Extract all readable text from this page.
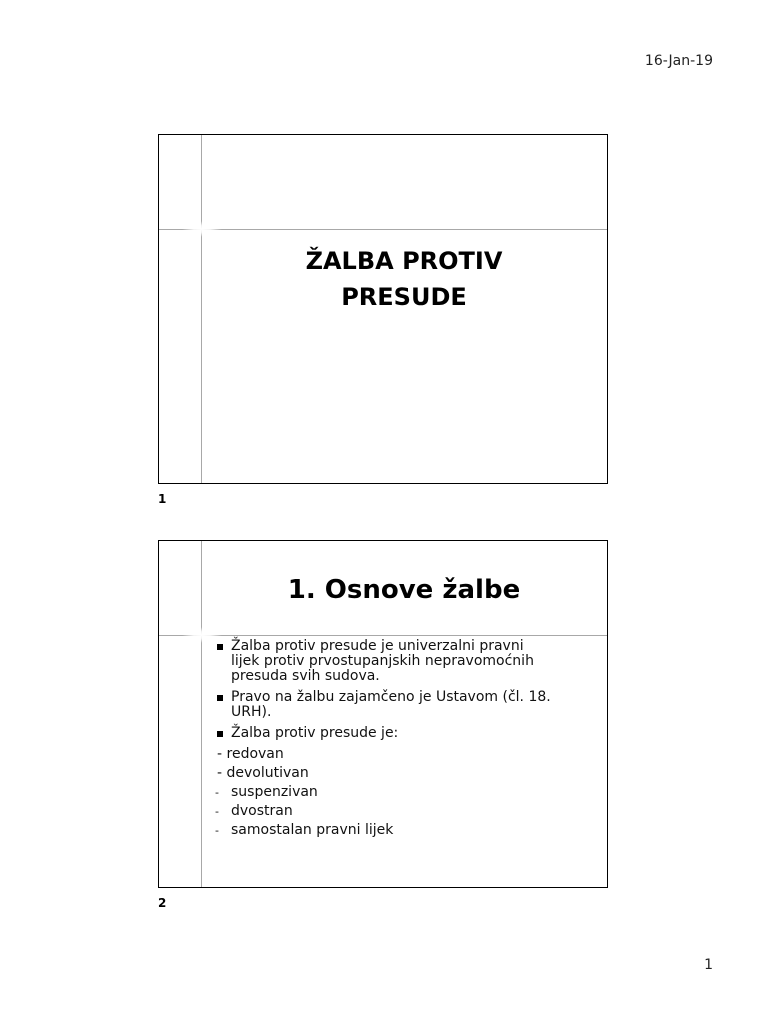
16-Jan-19
ŽALBA PROTIV
PRESUDE
1
1. Osnove žalbe
Žalba protiv presude je univerzalni pravni lijek protiv prvostupanjskih nepravomoćnih presuda svih sudova.
Pravo na žalbu zajamčeno je Ustavom (čl. 18. URH).
Žalba protiv presude je:
- redovan
- devolutivan
- suspenzivan
- dvostran
- samostalan pravni lijek
2
1
